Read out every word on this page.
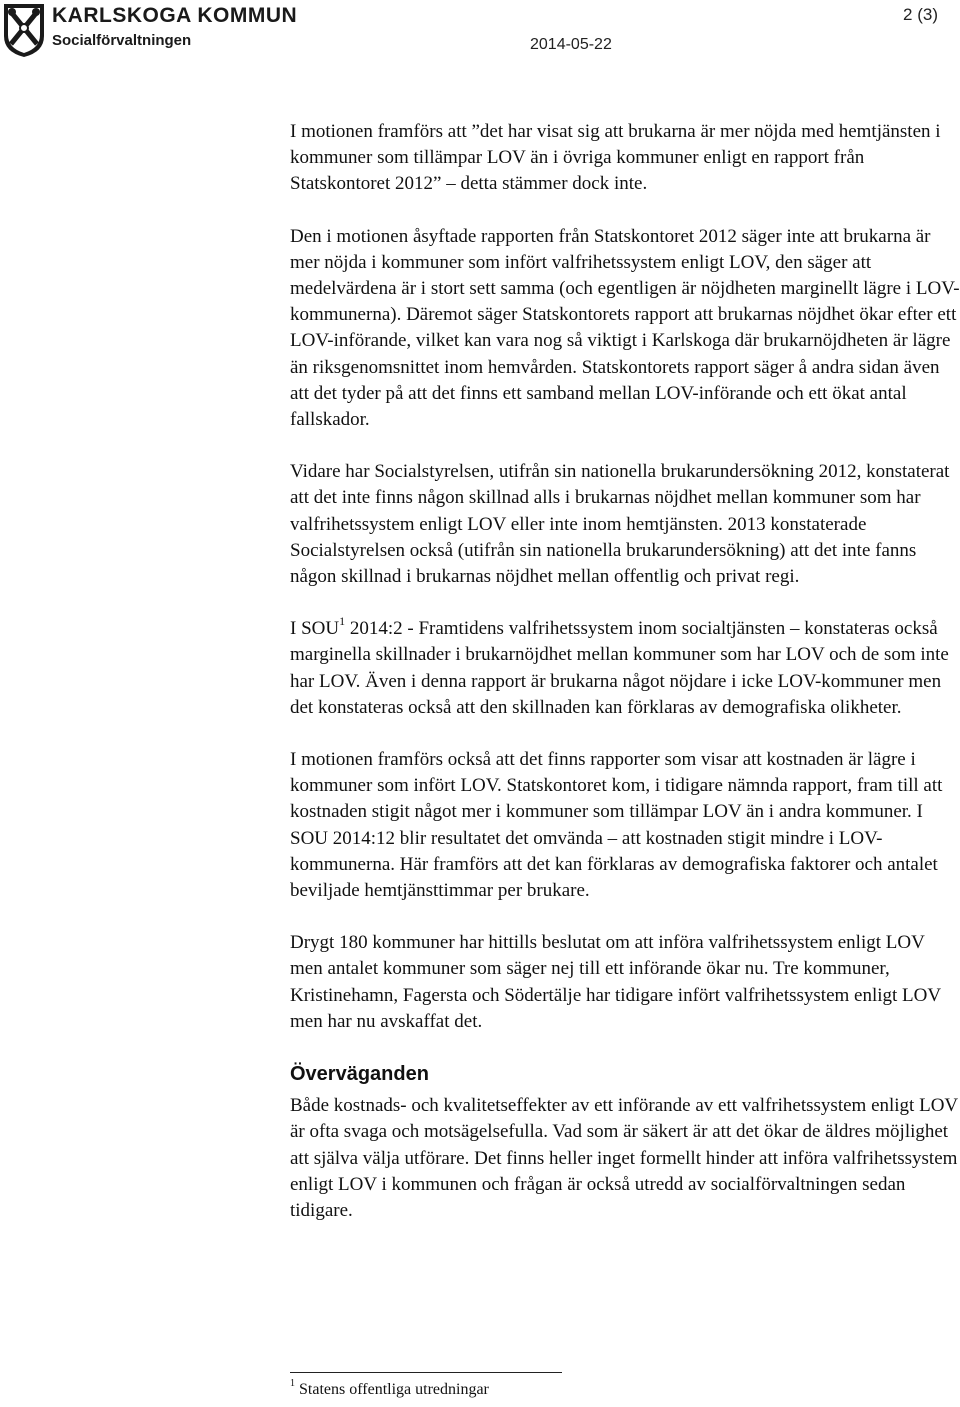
KARLSKOGA KOMMUN
Socialförvaltningen
2 (3)
2014-05-22

I motionen framförs att ”det har visat sig att brukarna är mer nöjda med hemtjänsten i kommuner som tillämpar LOV än i övriga kommuner enligt en rapport från Statskontoret 2012” – detta stämmer dock inte.

Den i motionen åsyftade rapporten från Statskontoret 2012 säger inte att brukarna är mer nöjda i kommuner som infört valfrihetssystem enligt LOV, den säger att medelvärdena är i stort sett samma (och egentligen är nöjdheten marginellt lägre i LOV-kommunerna). Däremot säger Statskontorets rapport att brukarnas nöjdhet ökar efter ett LOV-införande, vilket kan vara nog så viktigt i Karlskoga där brukarnöjdheten är lägre än riksgenomsnittet inom hemvården. Statskontorets rapport säger å andra sidan även att det tyder på att det finns ett samband mellan LOV-införande och ett ökat antal fallskador.

Vidare har Socialstyrelsen, utifrån sin nationella brukarundersökning 2012, konstaterat att det inte finns någon skillnad alls i brukarnas nöjdhet mellan kommuner som har valfrihetssystem enligt LOV eller inte inom hemtjänsten. 2013 konstaterade Socialstyrelsen också (utifrån sin nationella brukarundersökning) att det inte fanns någon skillnad i brukarnas nöjdhet mellan offentlig och privat regi.

I SOU$^1$ 2014:2 - Framtidens valfrihetssystem inom socialtjänsten – konstateras också marginella skillnader i brukarnöjdhet mellan kommuner som har LOV och de som inte har LOV. Även i denna rapport är brukarna något nöjdare i icke LOV-kommuner men det konstateras också att den skillnaden kan förklaras av demografiska olikheter.

I motionen framförs också att det finns rapporter som visar att kostnaden är lägre i kommuner som infört LOV. Statskontoret kom, i tidigare nämnda rapport, fram till att kostnaden stigit något mer i kommuner som tillämpar LOV än i andra kommuner. I SOU 2014:12 blir resultatet det omvända – att kostnaden stigit mindre i LOV-kommunerna. Här framförs att det kan förklaras av demografiska faktorer och antalet beviljade hemtjänsttimmar per brukare.

Drygt 180 kommuner har hittills beslutat om att införa valfrihetssystem enligt LOV men antalet kommuner som säger nej till ett införande ökar nu. Tre kommuner, Kristinehamn, Fagersta och Södertälje har tidigare infört valfrihetssystem enligt LOV men har nu avskaffat det.

Överväganden

Både kostnads- och kvalitetseffekter av ett införande av ett valfrihetssystem enligt LOV är ofta svaga och motsägelsefulla. Vad som är säkert är att det ökar de äldres möjlighet att själva välja utförare. Det finns heller inget formellt hinder att införa valfrihetssystem enligt LOV i kommunen och frågan är också utredd av socialförvaltningen sedan tidigare.

$^1$ Statens offentliga utredningar
